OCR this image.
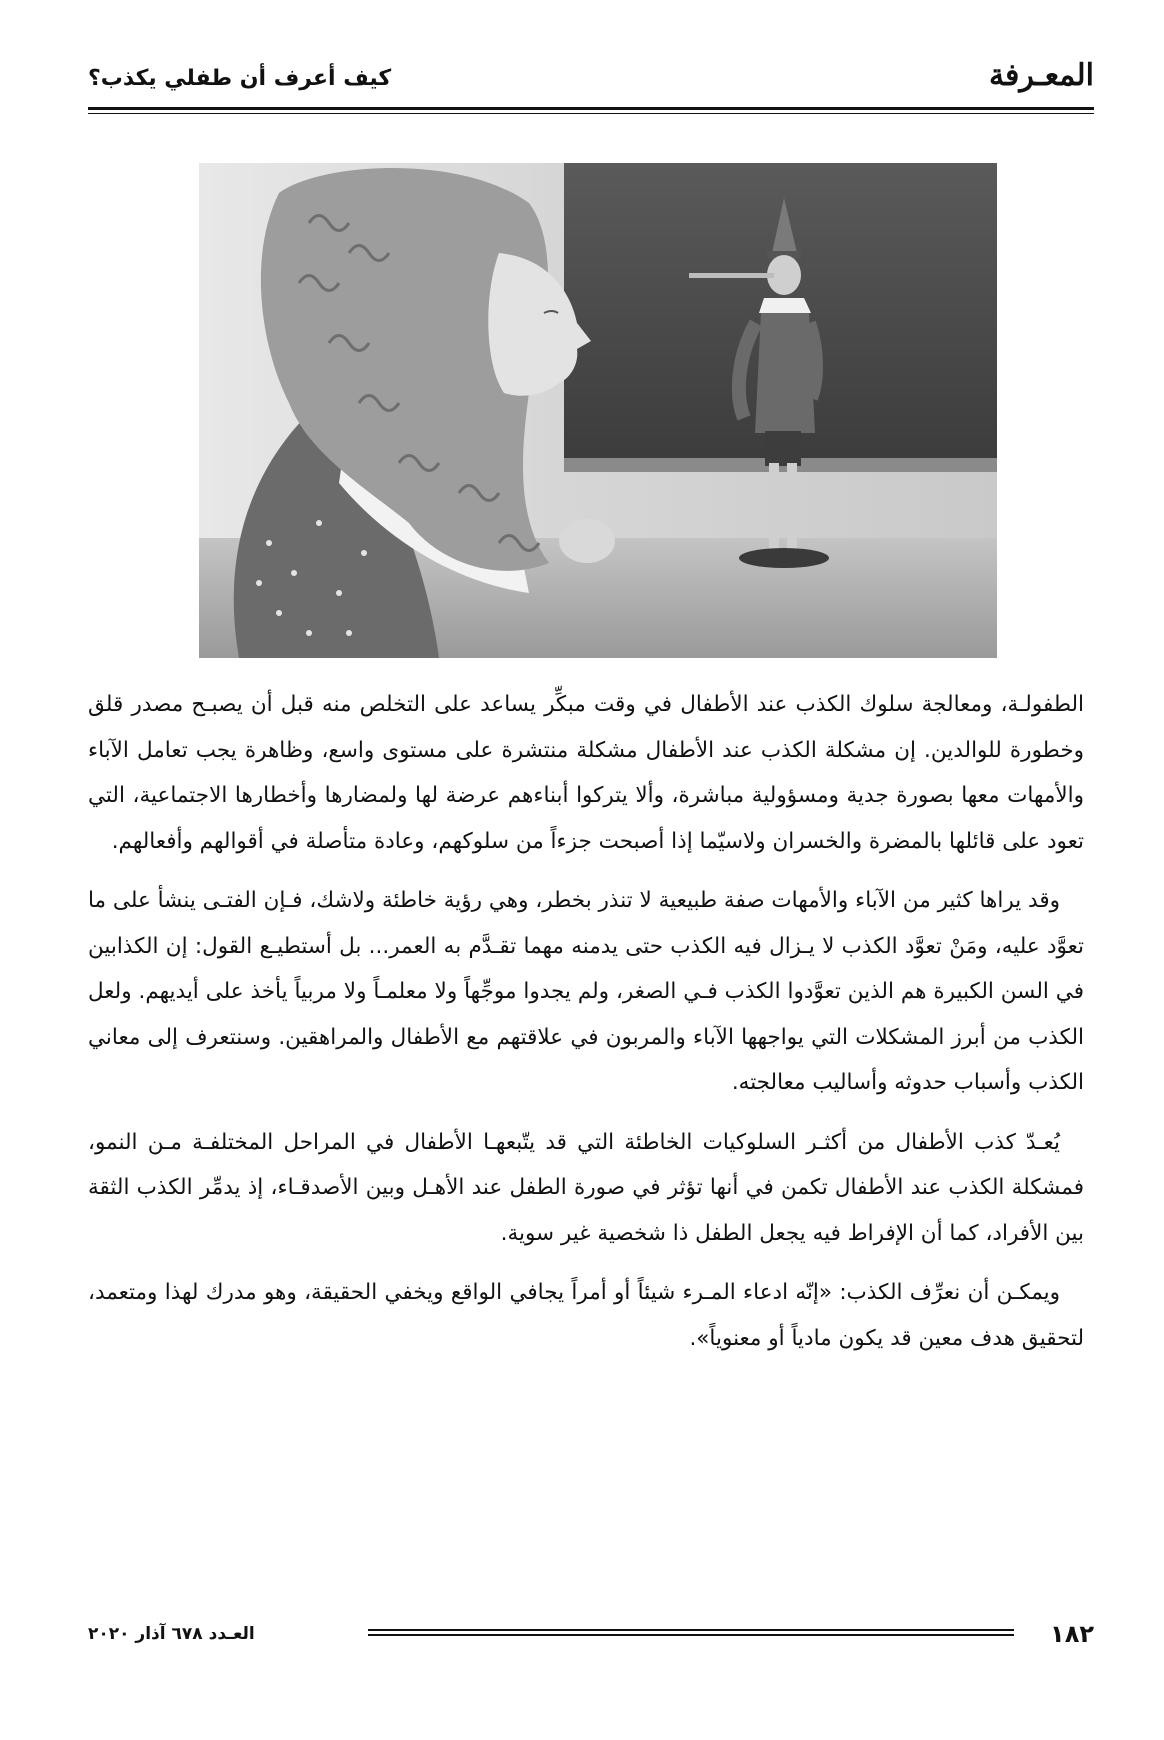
كيف أعرف أن طفلي يكذب؟	المعـرفة

الطفولـة، ومعالجة سلوك الكذب عند الأطفال في وقت مبكِّر يساعد على التخلص منه قبل أن يصبـح مصدر قلق وخطورة للوالدين. إن مشكلة الكذب عند الأطفال مشكلة منتشرة على مستوى واسع، وظاهرة يجب تعامل الآباء والأمهات معها بصورة جدية ومسؤولية مباشرة، وألا يتركوا أبناءهم عرضة لها ولمضارها وأخطارها الاجتماعية، التي تعود على قائلها بالمضرة والخسران ولاسيّما إذا أصبحت جزءاً من سلوكهم، وعادة متأصلة في أقوالهم وأفعالهم.

وقد يراها كثير من الآباء والأمهات صفة طبيعية لا تنذر بخطر، وهي رؤية خاطئة ولاشك، فـإن الفتـى ينشأ على ما تعوَّد عليه، ومَنْ تعوَّد الكذب لا يـزال فيه الكذب حتى يدمنه مهما تقـدَّم به العمر... بل أستطيـع القول: إن الكذابين في السن الكبيرة هم الذين تعوَّدوا الكذب فـي الصغر، ولم يجدوا موجِّهاً ولا معلمـاً ولا مربياً يأخذ على أيديهم. ولعل الكذب من أبرز المشكلات التي يواجهها الآباء والمربون في علاقتهم مع الأطفال والمراهقين. وسنتعرف إلى معاني الكذب وأسباب حدوثه وأساليب معالجته.

يُعـدّ كذب الأطفال من أكثـر السلوكيات الخاطئة التي قد يتّبعهـا الأطفال في المراحل المختلفـة مـن النمو، فمشكلة الكذب عند الأطفال تكمن في أنها تؤثر في صورة الطفل عند الأهـل وبين الأصدقـاء، إذ يدمِّر الكذب الثقة بين الأفراد، كما أن الإفراط فيه يجعل الطفل ذا شخصية غير سوية.

ويمكـن أن نعرِّف الكذب: «إنّه ادعاء المـرء شيئاً أو أمراً يجافي الواقع ويخفي الحقيقة، وهو مدرك لهذا ومتعمد، لتحقيق هدف معين قد يكون مادياً أو معنوياً».

العـدد ٦٧٨ آذار ٢٠٢٠	١٨٢
